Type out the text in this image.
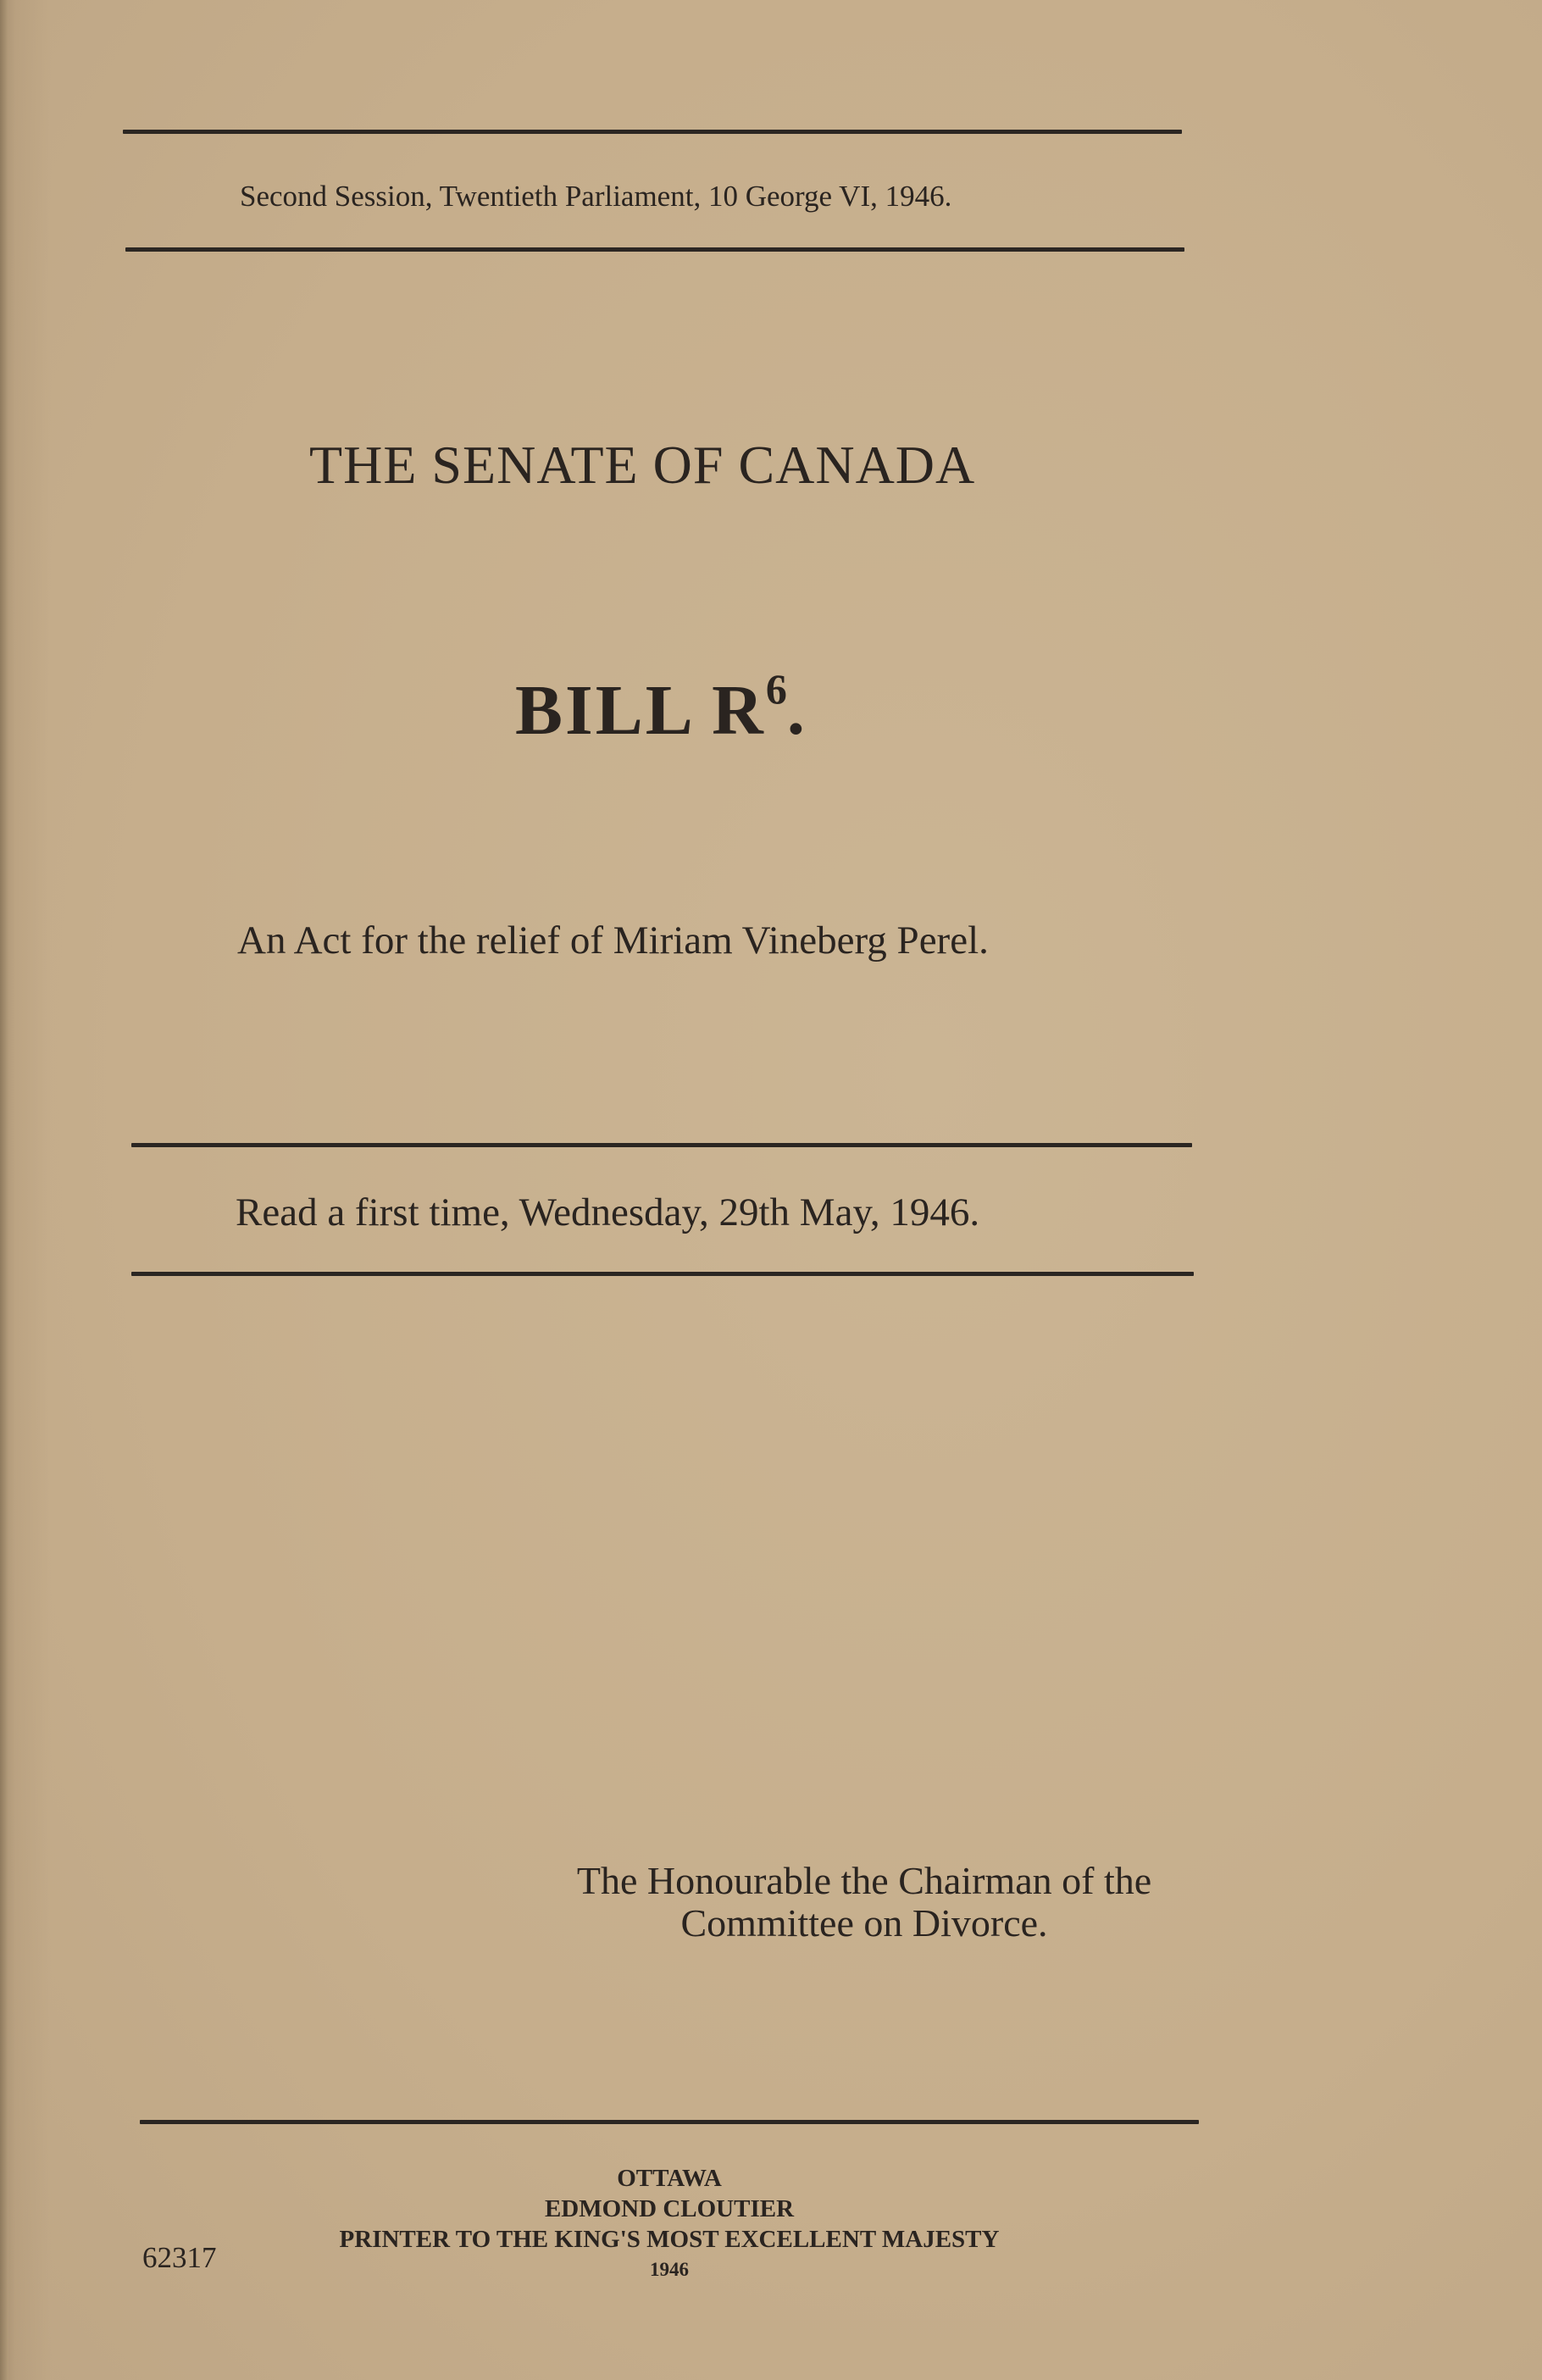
Second Session, Twentieth Parliament, 10 George VI, 1946.
THE SENATE OF CANADA
BILL $R^6$.
An Act for the relief of Miriam Vineberg Perel.
Read a first time, Wednesday, 29th May, 1946.
The Honourable the Chairman of the
Committee on Divorce.
OTTAWA
EDMOND CLOUTIER
PRINTER TO THE KING'S MOST EXCELLENT MAJESTY
1946
62317
